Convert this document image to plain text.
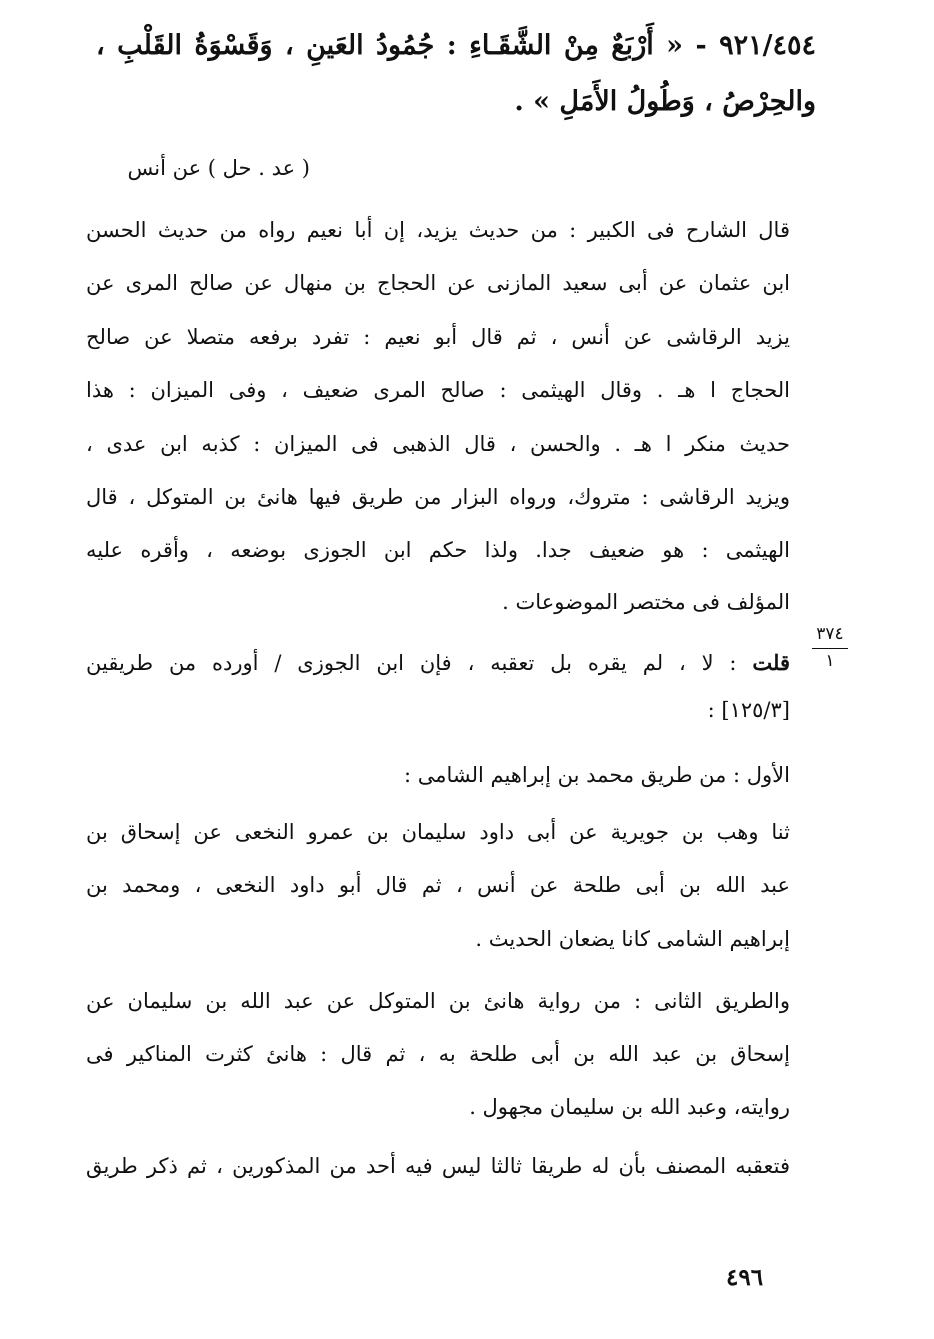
٩٢١/٤٥٤ - « أَرْبَعٌ مِنْ الشَّقَـاءِ : جُمُودُ العَينِ ، وَقَسْوَةُ القَلْبِ ،
والحِرْصُ ، وَطُولُ الأَمَلِ » .
( عد . حل ) عن أنس
قال الشارح فى الكبير : من حديث يزيد، إن أبا نعيم رواه من حديث الحسن
ابن عثمان عن أبى سعيد المازنى عن الحجاج بن منهال عن صالح المرى عن
يزيد الرقاشى عن أنس ، ثم قال أبو نعيم : تفرد برفعه متصلا عن صالح
الحجاج ا هـ . وقال الهيثمى : صالح المرى ضعيف ، وفى الميزان : هذا
حديث منكر ا هـ . والحسن ، قال الذهبى فى الميزان : كذبه ابن عدى ،
ويزيد الرقاشى : متروك، ورواه البزار من طريق فيها هانئ بن المتوكل ، قال
الهيثمى : هو ضعيف جدا. ولذا حكم ابن الجوزى بوضعه ، وأقره عليه
المؤلف فى مختصر الموضوعات .
٣٧٤
١
قلت : لا ، لم يقره بل تعقبه ، فإن ابن الجوزى / أورده من طريقين
[١٢٥/٣] :
الأول : من طريق محمد بن إبراهيم الشامى :
ثنا وهب بن جويرية عن أبى داود سليمان بن عمرو النخعى عن إسحاق بن
عبد الله بن أبى طلحة عن أنس ، ثم قال أبو داود النخعى ، ومحمد بن
إبراهيم الشامى كانا يضعان الحديث .
والطريق الثانى : من رواية هانئ بن المتوكل عن عبد الله بن سليمان عن
إسحاق بن عبد الله بن أبى طلحة به ، ثم قال : هانئ كثرت المناكير فى
روايته، وعبد الله بن سليمان مجهول .
فتعقبه المصنف بأن له طريقا ثالثا ليس فيه أحد من المذكورين ، ثم ذكر طريق
٤٩٦
